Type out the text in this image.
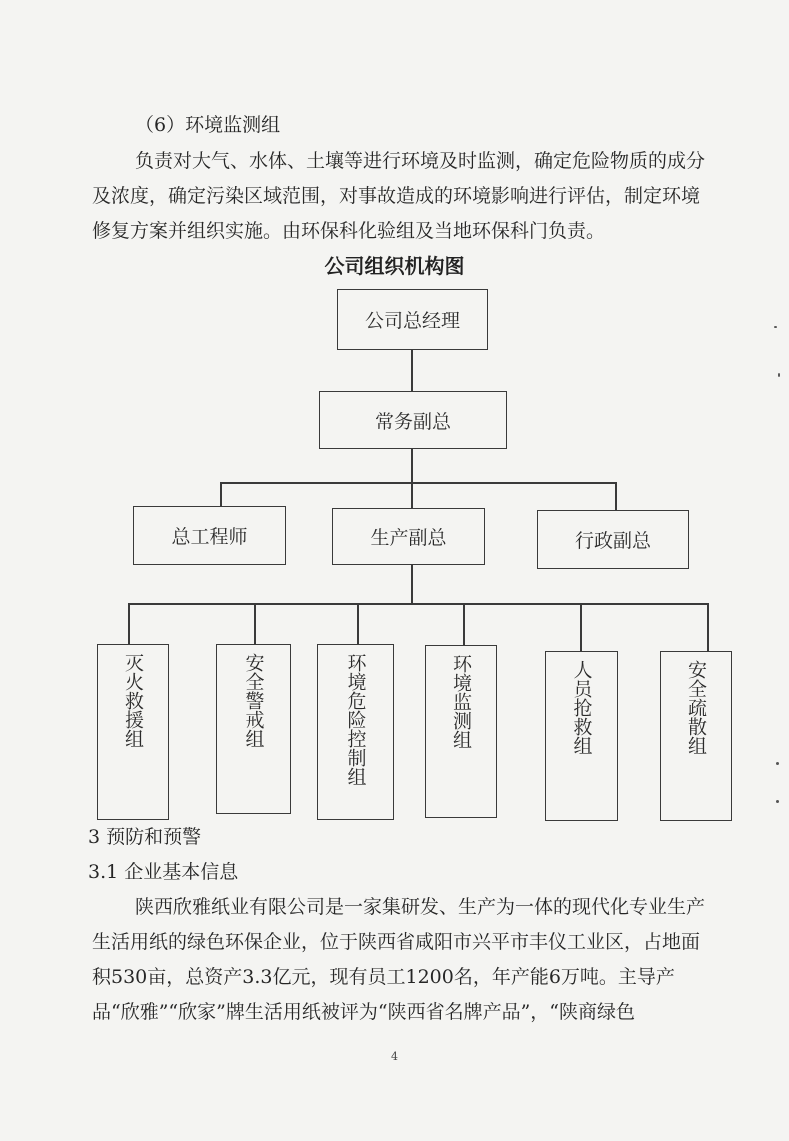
（6）环境监测组
负责对大气、水体、土壤等进行环境及时监测，确定危险物质的成分
及浓度，确定污染区域范围，对事故造成的环境影响进行评估，制定环境
修复方案并组织实施。由环保科化验组及当地环保科门负责。
公司组织机构图
公司总经理
常务副总
总工程师	生产副总	行政副总
灭火救援组	安全警戒组	环境危险控制组	环境监测组	人员抢救组	安全疏散组
3 预防和预警
3.1 企业基本信息
陕西欣雅纸业有限公司是一家集研发、生产为一体的现代化专业生产
生活用纸的绿色环保企业，位于陕西省咸阳市兴平市丰仪工业区，占地面
积530亩，总资产3.3亿元，现有员工1200名，年产能6万吨。主导产
品“欣雅”“欣家”牌生活用纸被评为“陕西省名牌产品”，“陕商绿色
4
